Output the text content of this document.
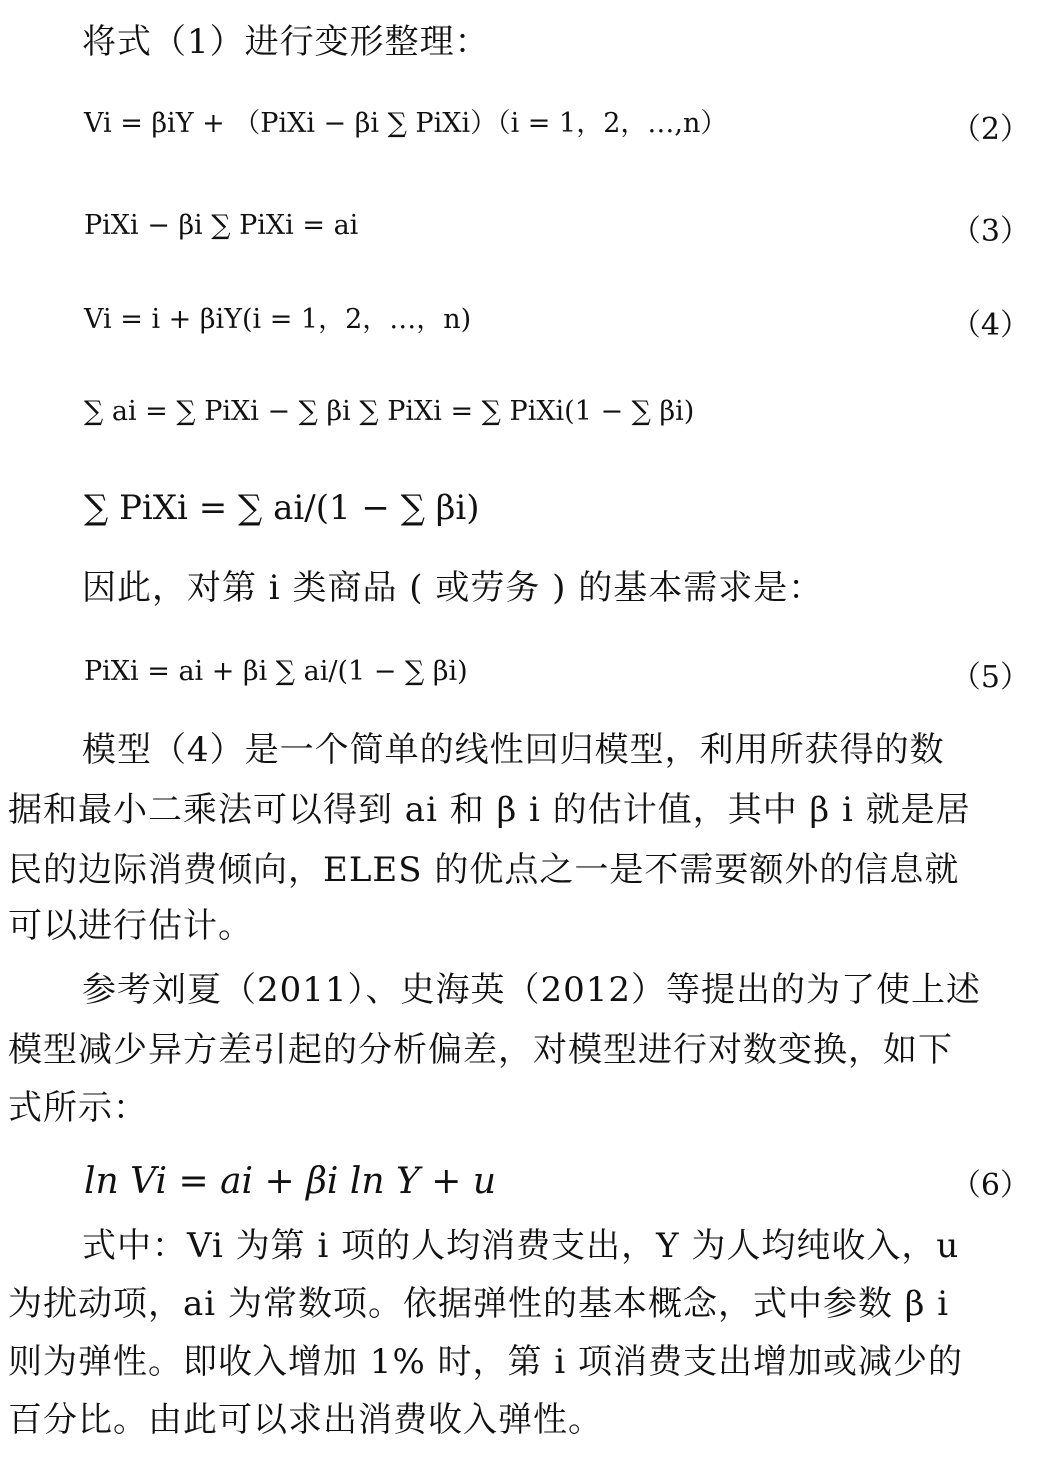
将式（1）进行变形整理：
Vi = βiY + （PiXi − βi ∑ PiXi）（i = 1，2，…,n）	（2）
PiXi − βi ∑ PiXi = ai	（3）
Vi = i + βiY(i = 1，2，…，n)	（4）
∑ ai = ∑ PiXi − ∑ βi ∑ PiXi = ∑ PiXi(1 − ∑ βi)
∑ PiXi = ∑ ai/(1 − ∑ βi)
因此，对第 i 类商品 ( 或劳务 ) 的基本需求是：
PiXi = ai + βi ∑ ai/(1 − ∑ βi)	（5）
模型（4）是一个简单的线性回归模型，利用所获得的数
据和最小二乘法可以得到 ai 和 β i 的估计值，其中 β i 就是居
民的边际消费倾向，ELES 的优点之一是不需要额外的信息就
可以进行估计。
参考刘夏（2011）、史海英（2012）等提出的为了使上述
模型减少异方差引起的分析偏差，对模型进行对数变换，如下
式所示：
ln Vi = ai + βi ln Y + u	（6）
式中：Vi 为第 i 项的人均消费支出，Y 为人均纯收入，u
为扰动项，ai 为常数项。依据弹性的基本概念，式中参数 β i
则为弹性。即收入增加 1% 时，第 i 项消费支出增加或减少的
百分比。由此可以求出消费收入弹性。
